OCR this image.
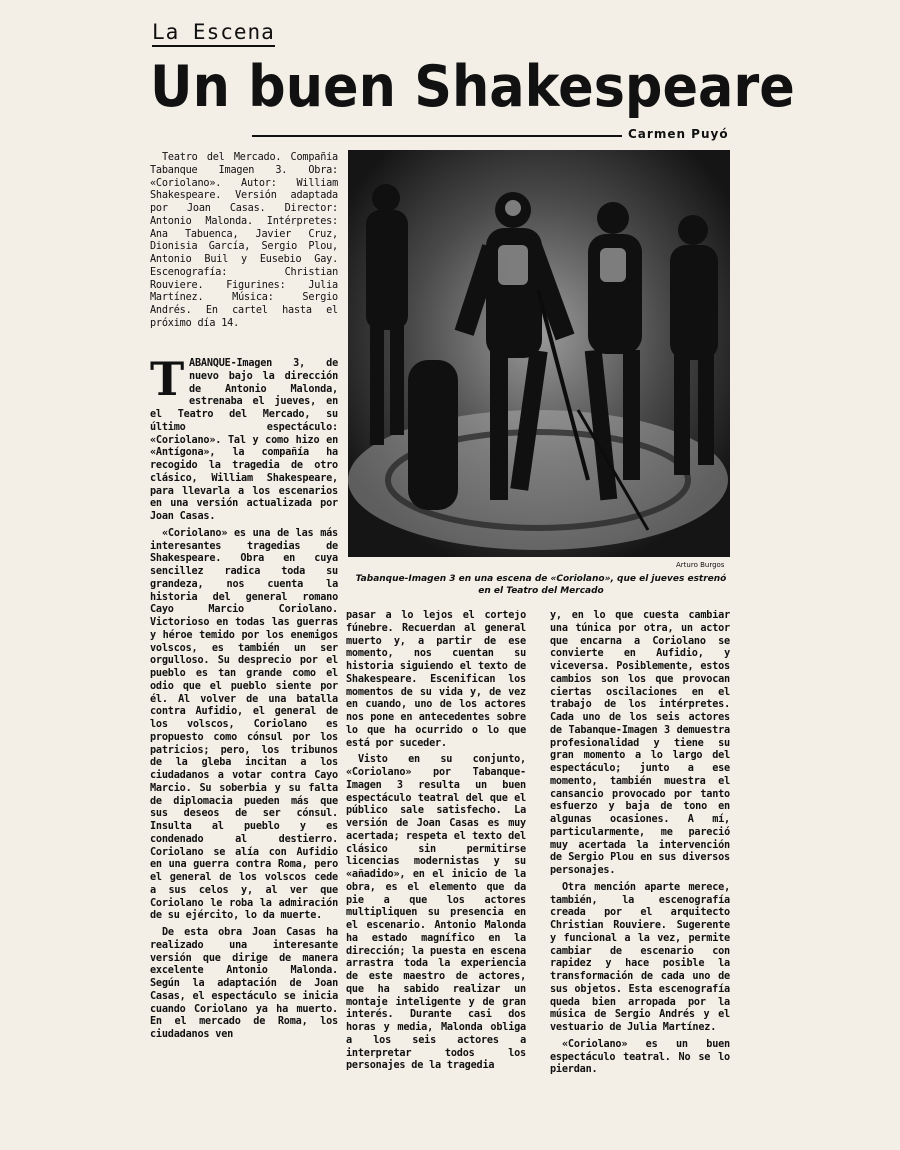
La Escena
Un buen Shakespeare
Carmen Puyó

Teatro del Mercado. Compañía Tabanque Imagen 3. Obra: «Coriolano». Autor: William Shakespeare. Versión adaptada por Joan Casas. Director: Antonio Malonda. Intérpretes: Ana Tabuenca, Javier Cruz, Dionisia García, Sergio Plou, Antonio Buil y Eusebio Gay. Escenografía: Christian Rouviere. Figurines: Julia Martínez. Música: Sergio Andrés. En cartel hasta el próximo día 14.

TABANQUE-Imagen 3, de nuevo bajo la dirección de Antonio Malonda, estrenaba el jueves, en el Teatro del Mercado, su último espectáculo: «Coriolano». Tal y como hizo en «Antígona», la compañía ha recogido la tragedia de otro clásico, William Shakespeare, para llevarla a los escenarios en una versión actualizada por Joan Casas.

«Coriolano» es una de las más interesantes tragedias de Shakespeare. Obra en cuya sencillez radica toda su grandeza, nos cuenta la historia del general romano Cayo Marcio Coriolano. Victorioso en todas las guerras y héroe temido por los enemigos volscos, es también un ser orgulloso. Su desprecio por el pueblo es tan grande como el odio que el pueblo siente por él. Al volver de una batalla contra Aufidio, el general de los volscos, Coriolano es propuesto como cónsul por los patricios; pero, los tribunos de la gleba incitan a los ciudadanos a votar contra Cayo Marcio. Su soberbia y su falta de diplomacia pueden más que sus deseos de ser cónsul. Insulta al pueblo y es condenado al destierro. Coriolano se alía con Aufidio en una guerra contra Roma, pero el general de los volscos cede a sus celos y, al ver que Coriolano le roba la admiración de su ejército, lo da muerte.

De esta obra Joan Casas ha realizado una interesante versión que dirige de manera excelente Antonio Malonda. Según la adaptación de Joan Casas, el espectáculo se inicia cuando Coriolano ya ha muerto. En el mercado de Roma, los ciudadanos ven

Arturo Burgos
Tabanque-Imagen 3 en una escena de «Coriolano», que el jueves estrenó en el Teatro del Mercado

pasar a lo lejos el cortejo fúnebre. Recuerdan al general muerto y, a partir de ese momento, nos cuentan su historia siguiendo el texto de Shakespeare. Escenifican los momentos de su vida y, de vez en cuando, uno de los actores nos pone en antecedentes sobre lo que ha ocurrido o lo que está por suceder.

Visto en su conjunto, «Coriolano» por Tabanque-Imagen 3 resulta un buen espectáculo teatral del que el público sale satisfecho. La versión de Joan Casas es muy acertada; respeta el texto del clásico sin permitirse licencias modernistas y su «añadido», en el inicio de la obra, es el elemento que da pie a que los actores multipliquen su presencia en el escenario. Antonio Malonda ha estado magnífico en la dirección; la puesta en escena arrastra toda la experiencia de este maestro de actores, que ha sabido realizar un montaje inteligente y de gran interés. Durante casi dos horas y media, Malonda obliga a los seis actores a interpretar todos los personajes de la tragedia

y, en lo que cuesta cambiar una túnica por otra, un actor que encarna a Coriolano se convierte en Aufidio, y viceversa. Posiblemente, estos cambios son los que provocan ciertas oscilaciones en el trabajo de los intérpretes. Cada uno de los seis actores de Tabanque-Imagen 3 demuestra profesionalidad y tiene su gran momento a lo largo del espectáculo; junto a ese momento, también muestra el cansancio provocado por tanto esfuerzo y baja de tono en algunas ocasiones. A mí, particularmente, me pareció muy acertada la intervención de Sergio Plou en sus diversos personajes.

Otra mención aparte merece, también, la escenografía creada por el arquitecto Christian Rouviere. Sugerente y funcional a la vez, permite cambiar de escenario con rapidez y hace posible la transformación de cada uno de sus objetos. Esta escenografía queda bien arropada por la música de Sergio Andrés y el vestuario de Julia Martínez.

«Coriolano» es un buen espectáculo teatral. No se lo pierdan.
